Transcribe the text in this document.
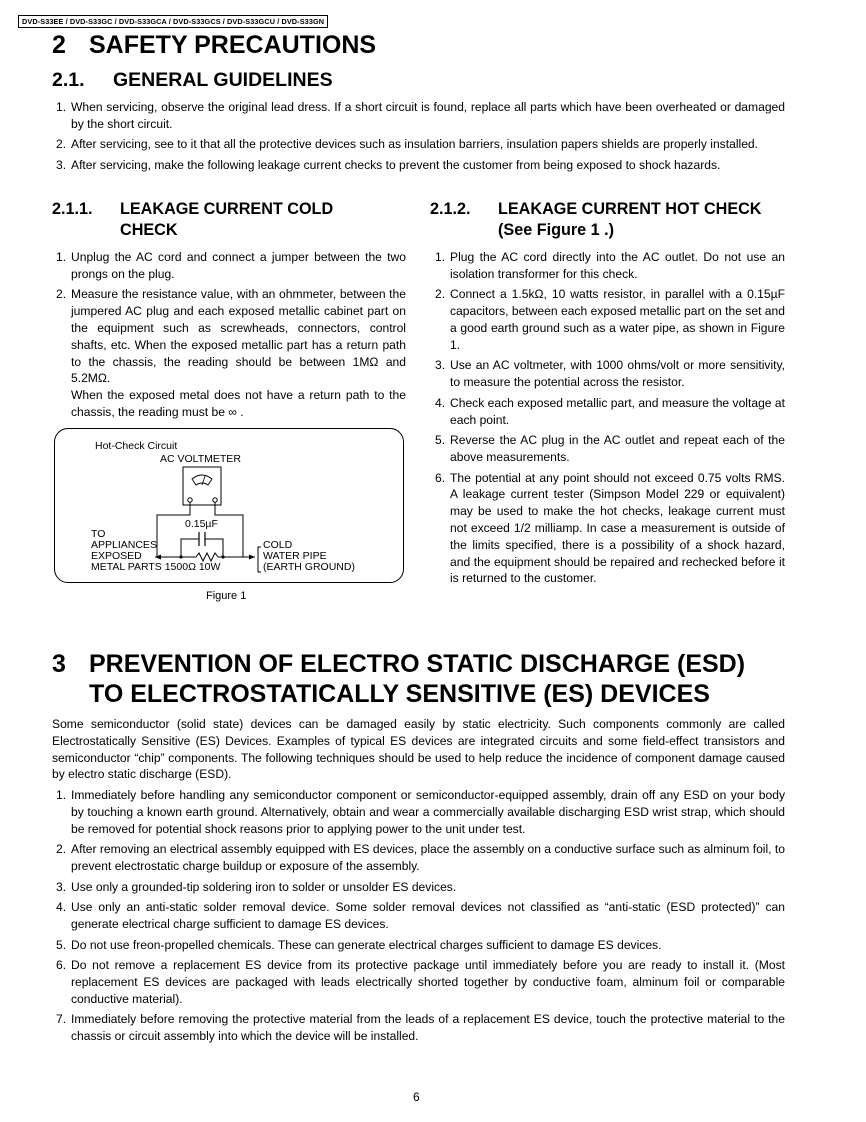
DVD-S33EE / DVD-S33GC / DVD-S33GCA / DVD-S33GCS / DVD-S33GCU / DVD-S33GN
2 SAFETY PRECAUTIONS
2.1. GENERAL GUIDELINES
1. When servicing, observe the original lead dress. If a short circuit is found, replace all parts which have been overheated or damaged by the short circuit.
2. After servicing, see to it that all the protective devices such as insulation barriers, insulation papers shields are properly installed.
3. After servicing, make the following leakage current checks to prevent the customer from being exposed to shock hazards.
2.1.1. LEAKAGE CURRENT COLD
CHECK
1. Unplug the AC cord and connect a jumper between the two prongs on the plug.
2. Measure the resistance value, with an ohmmeter, between the jumpered AC plug and each exposed metallic cabinet part on the equipment such as screwheads, connectors, control shafts, etc. When the exposed metallic part has a return path to the chassis, the reading should be between 1MΩ and 5.2MΩ.
When the exposed metal does not have a return path to the chassis, the reading must be ∞ .
Hot-Check Circuit
AC VOLTMETER
0.15µF
TO
APPLIANCES
EXPOSED
METAL PARTS 1500Ω 10W
COLD
WATER PIPE
(EARTH GROUND)
Figure 1
2.1.2. LEAKAGE CURRENT HOT CHECK
(See Figure 1 .)
1. Plug the AC cord directly into the AC outlet. Do not use an isolation transformer for this check.
2. Connect a 1.5kΩ, 10 watts resistor, in parallel with a 0.15µF capacitors, between each exposed metallic part on the set and a good earth ground such as a water pipe, as shown in Figure 1.
3. Use an AC voltmeter, with 1000 ohms/volt or more sensitivity, to measure the potential across the resistor.
4. Check each exposed metallic part, and measure the voltage at each point.
5. Reverse the AC plug in the AC outlet and repeat each of the above measurements.
6. The potential at any point should not exceed 0.75 volts RMS. A leakage current tester (Simpson Model 229 or equivalent) may be used to make the hot checks, leakage current must not exceed 1/2 milliamp. In case a measurement is outside of the limits specified, there is a possibility of a shock hazard, and the equipment should be repaired and rechecked before it is returned to the customer.
3 PREVENTION OF ELECTRO STATIC DISCHARGE (ESD)
TO ELECTROSTATICALLY SENSITIVE (ES) DEVICES
Some semiconductor (solid state) devices can be damaged easily by static electricity. Such components commonly are called Electrostatically Sensitive (ES) Devices. Examples of typical ES devices are integrated circuits and some field-effect transistors and semiconductor “chip” components. The following techniques should be used to help reduce the incidence of component damage caused by electro static discharge (ESD).
1. Immediately before handling any semiconductor component or semiconductor-equipped assembly, drain off any ESD on your body by touching a known earth ground. Alternatively, obtain and wear a commercially available discharging ESD wrist strap, which should be removed for potential shock reasons prior to applying power to the unit under test.
2. After removing an electrical assembly equipped with ES devices, place the assembly on a conductive surface such as alminum foil, to prevent electrostatic charge buildup or exposure of the assembly.
3. Use only a grounded-tip soldering iron to solder or unsolder ES devices.
4. Use only an anti-static solder removal device. Some solder removal devices not classified as “anti-static (ESD protected)” can generate electrical charge sufficient to damage ES devices.
5. Do not use freon-propelled chemicals. These can generate electrical charges sufficient to damage ES devices.
6. Do not remove a replacement ES device from its protective package until immediately before you are ready to install it. (Most replacement ES devices are packaged with leads electrically shorted together by conductive foam, alminum foil or comparable conductive material).
7. Immediately before removing the protective material from the leads of a replacement ES device, touch the protective material to the chassis or circuit assembly into which the device will be installed.
6
